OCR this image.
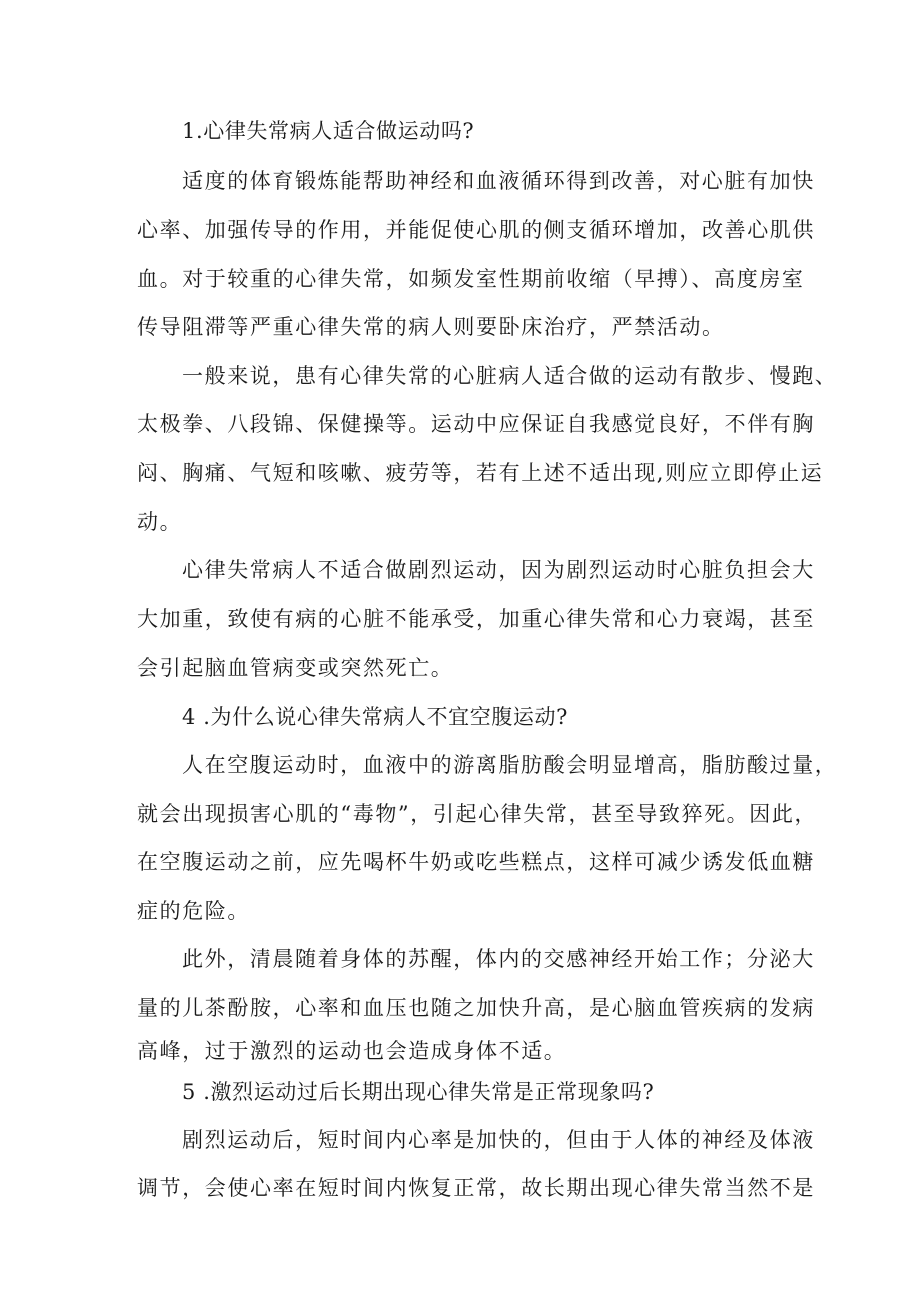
1.心律失常病人适合做运动吗?
适度的体育锻炼能帮助神经和血液循环得到改善，对心脏有加快
心率、加强传导的作用，并能促使心肌的侧支循环增加，改善心肌供
血。对于较重的心律失常，如频发室性期前收缩（早搏）、高度房室
传导阻滞等严重心律失常的病人则要卧床治疗，严禁活动。
一般来说，患有心律失常的心脏病人适合做的运动有散步、慢跑、
太极拳、八段锦、保健操等。运动中应保证自我感觉良好，不伴有胸
闷、胸痛、气短和咳嗽、疲劳等，若有上述不适出现,则应立即停止运
动。
心律失常病人不适合做剧烈运动，因为剧烈运动时心脏负担会大
大加重，致使有病的心脏不能承受，加重心律失常和心力衰竭，甚至
会引起脑血管病变或突然死亡。
4 .为什么说心律失常病人不宜空腹运动?
人在空腹运动时，血液中的游离脂肪酸会明显增高，脂肪酸过量，
就会出现损害心肌的“毒物”，引起心律失常，甚至导致猝死。因此，
在空腹运动之前，应先喝杯牛奶或吃些糕点，这样可减少诱发低血糖
症的危险。
此外，清晨随着身体的苏醒，体内的交感神经开始工作；分泌大
量的儿茶酚胺，心率和血压也随之加快升高，是心脑血管疾病的发病
高峰，过于激烈的运动也会造成身体不适。
5 .激烈运动过后长期出现心律失常是正常现象吗?
剧烈运动后，短时间内心率是加快的，但由于人体的神经及体液
调节，会使心率在短时间内恢复正常，故长期出现心律失常当然不是
